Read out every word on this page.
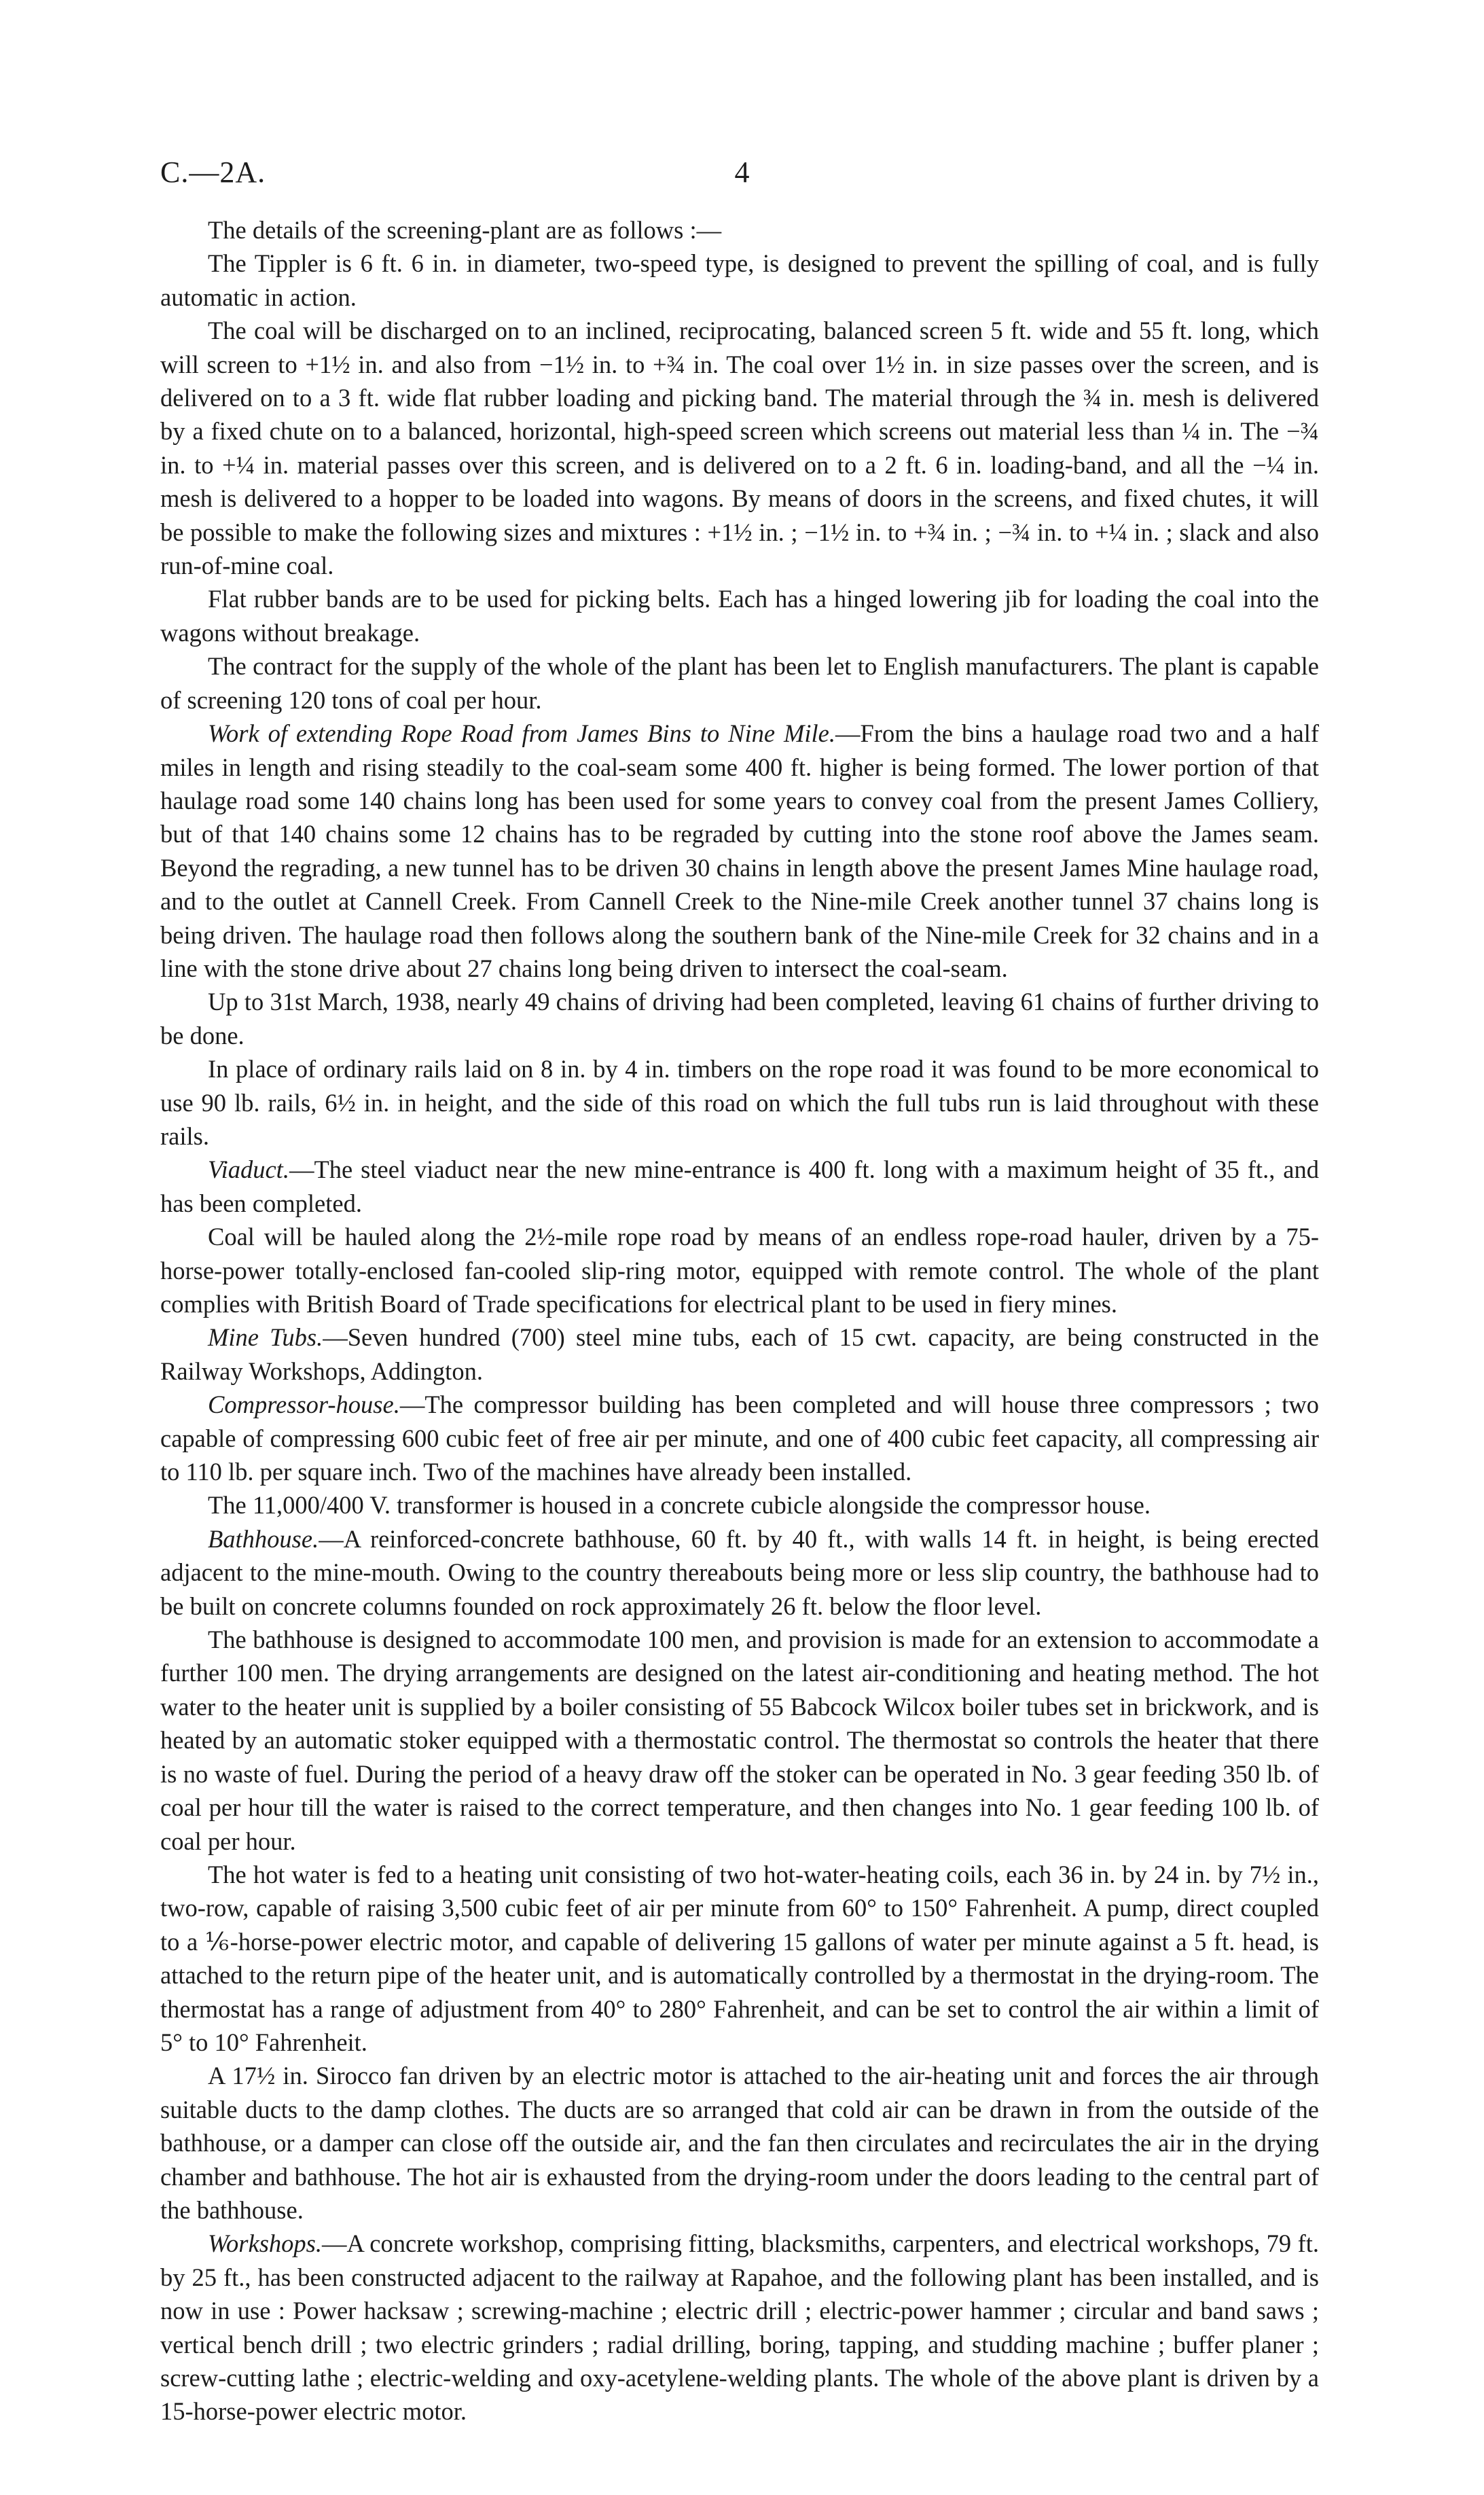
C.—2A.	4

The details of the screening-plant are as follows :—

The Tippler is 6 ft. 6 in. in diameter, two-speed type, is designed to prevent the spilling of coal, and is fully automatic in action.

The coal will be discharged on to an inclined, reciprocating, balanced screen 5 ft. wide and 55 ft. long, which will screen to +1½ in. and also from −1½ in. to +¾ in. The coal over 1½ in. in size passes over the screen, and is delivered on to a 3 ft. wide flat rubber loading and picking band. The material through the ¾ in. mesh is delivered by a fixed chute on to a balanced, horizontal, high-speed screen which screens out material less than ¼ in. The −¾ in. to +¼ in. material passes over this screen, and is delivered on to a 2 ft. 6 in. loading-band, and all the −¼ in. mesh is delivered to a hopper to be loaded into wagons. By means of doors in the screens, and fixed chutes, it will be possible to make the following sizes and mixtures : +1½ in. ; −1½ in. to +¾ in. ; −¾ in. to +¼ in. ; slack and also run-of-mine coal.

Flat rubber bands are to be used for picking belts. Each has a hinged lowering jib for loading the coal into the wagons without breakage.

The contract for the supply of the whole of the plant has been let to English manufacturers. The plant is capable of screening 120 tons of coal per hour.

Work of extending Rope Road from James Bins to Nine Mile.—From the bins a haulage road two and a half miles in length and rising steadily to the coal-seam some 400 ft. higher is being formed. The lower portion of that haulage road some 140 chains long has been used for some years to convey coal from the present James Colliery, but of that 140 chains some 12 chains has to be regraded by cutting into the stone roof above the James seam. Beyond the regrading, a new tunnel has to be driven 30 chains in length above the present James Mine haulage road, and to the outlet at Cannell Creek. From Cannell Creek to the Nine-mile Creek another tunnel 37 chains long is being driven. The haulage road then follows along the southern bank of the Nine-mile Creek for 32 chains and in a line with the stone drive about 27 chains long being driven to intersect the coal-seam.

Up to 31st March, 1938, nearly 49 chains of driving had been completed, leaving 61 chains of further driving to be done.

In place of ordinary rails laid on 8 in. by 4 in. timbers on the rope road it was found to be more economical to use 90 lb. rails, 6½ in. in height, and the side of this road on which the full tubs run is laid throughout with these rails.

Viaduct.—The steel viaduct near the new mine-entrance is 400 ft. long with a maximum height of 35 ft., and has been completed.

Coal will be hauled along the 2½-mile rope road by means of an endless rope-road hauler, driven by a 75-horse-power totally-enclosed fan-cooled slip-ring motor, equipped with remote control. The whole of the plant complies with British Board of Trade specifications for electrical plant to be used in fiery mines.

Mine Tubs.—Seven hundred (700) steel mine tubs, each of 15 cwt. capacity, are being constructed in the Railway Workshops, Addington.

Compressor-house.—The compressor building has been completed and will house three compressors ; two capable of compressing 600 cubic feet of free air per minute, and one of 400 cubic feet capacity, all compressing air to 110 lb. per square inch. Two of the machines have already been installed.

The 11,000/400 V. transformer is housed in a concrete cubicle alongside the compressor house.

Bathhouse.—A reinforced-concrete bathhouse, 60 ft. by 40 ft., with walls 14 ft. in height, is being erected adjacent to the mine-mouth. Owing to the country thereabouts being more or less slip country, the bathhouse had to be built on concrete columns founded on rock approximately 26 ft. below the floor level.

The bathhouse is designed to accommodate 100 men, and provision is made for an extension to accommodate a further 100 men. The drying arrangements are designed on the latest air-conditioning and heating method. The hot water to the heater unit is supplied by a boiler consisting of 55 Babcock Wilcox boiler tubes set in brickwork, and is heated by an automatic stoker equipped with a thermostatic control. The thermostat so controls the heater that there is no waste of fuel. During the period of a heavy draw off the stoker can be operated in No. 3 gear feeding 350 lb. of coal per hour till the water is raised to the correct temperature, and then changes into No. 1 gear feeding 100 lb. of coal per hour.

The hot water is fed to a heating unit consisting of two hot-water-heating coils, each 36 in. by 24 in. by 7½ in., two-row, capable of raising 3,500 cubic feet of air per minute from 60° to 150° Fahrenheit. A pump, direct coupled to a ⅙-horse-power electric motor, and capable of delivering 15 gallons of water per minute against a 5 ft. head, is attached to the return pipe of the heater unit, and is automatically controlled by a thermostat in the drying-room. The thermostat has a range of adjustment from 40° to 280° Fahrenheit, and can be set to control the air within a limit of 5° to 10° Fahrenheit.

A 17½ in. Sirocco fan driven by an electric motor is attached to the air-heating unit and forces the air through suitable ducts to the damp clothes. The ducts are so arranged that cold air can be drawn in from the outside of the bathhouse, or a damper can close off the outside air, and the fan then circulates and recirculates the air in the drying chamber and bathhouse. The hot air is exhausted from the drying-room under the doors leading to the central part of the bathhouse.

Workshops.—A concrete workshop, comprising fitting, blacksmiths, carpenters, and electrical workshops, 79 ft. by 25 ft., has been constructed adjacent to the railway at Rapahoe, and the following plant has been installed, and is now in use : Power hacksaw ; screwing-machine ; electric drill ; electric-power hammer ; circular and band saws ; vertical bench drill ; two electric grinders ; radial drilling, boring, tapping, and studding machine ; buffer planer ; screw-cutting lathe ; electric-welding and oxy-acetylene-welding plants. The whole of the above plant is driven by a 15-horse-power electric motor.
